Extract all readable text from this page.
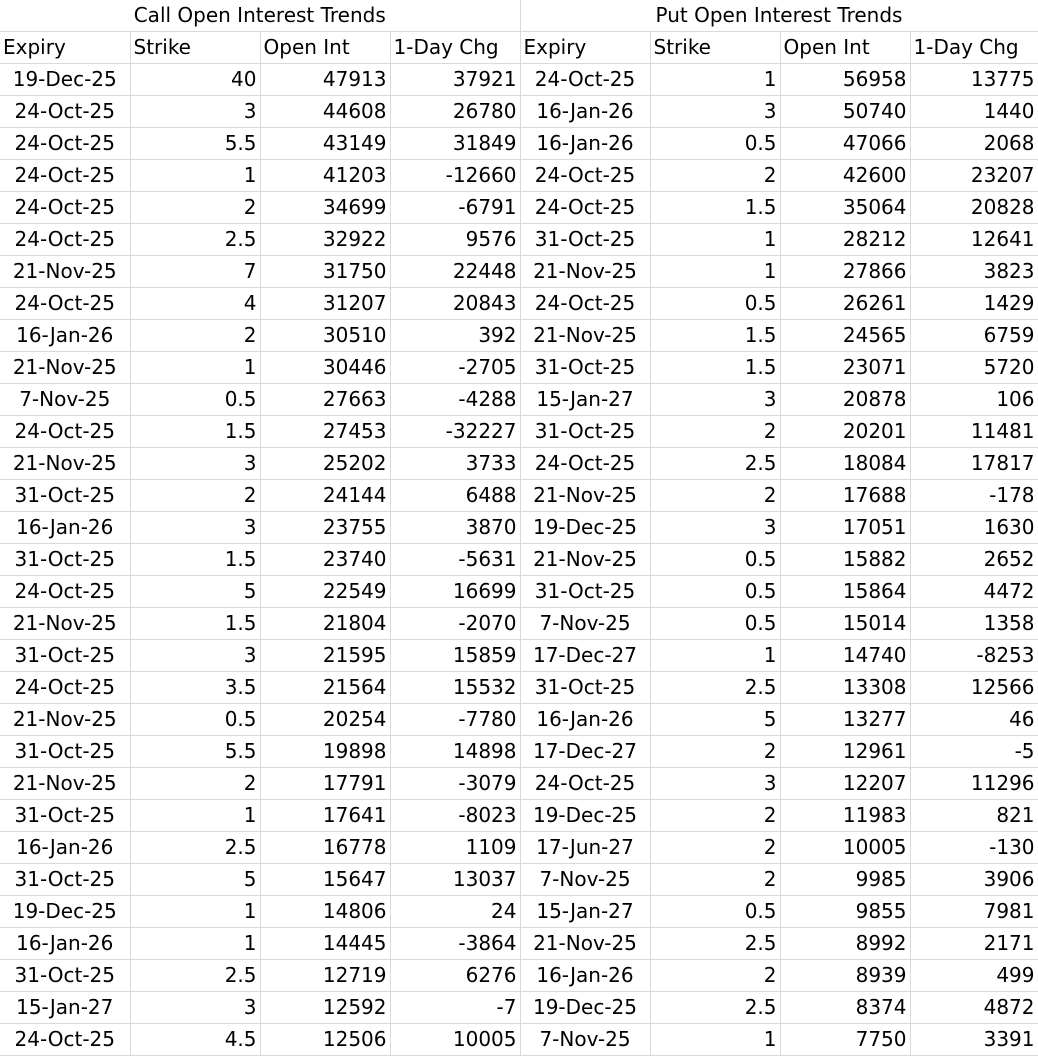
Call Open Interest Trends				Put Open Interest Trends			
Expiry	Strike	Open Int	1-Day Chg	Expiry	Strike	Open Int	1-Day Chg
19-Dec-25	40	47913	37921	24-Oct-25	1	56958	13775
24-Oct-25	3	44608	26780	16-Jan-26	3	50740	1440
24-Oct-25	5.5	43149	31849	16-Jan-26	0.5	47066	2068
24-Oct-25	1	41203	-12660	24-Oct-25	2	42600	23207
24-Oct-25	2	34699	-6791	24-Oct-25	1.5	35064	20828
24-Oct-25	2.5	32922	9576	31-Oct-25	1	28212	12641
21-Nov-25	7	31750	22448	21-Nov-25	1	27866	3823
24-Oct-25	4	31207	20843	24-Oct-25	0.5	26261	1429
16-Jan-26	2	30510	392	21-Nov-25	1.5	24565	6759
21-Nov-25	1	30446	-2705	31-Oct-25	1.5	23071	5720
7-Nov-25	0.5	27663	-4288	15-Jan-27	3	20878	106
24-Oct-25	1.5	27453	-32227	31-Oct-25	2	20201	11481
21-Nov-25	3	25202	3733	24-Oct-25	2.5	18084	17817
31-Oct-25	2	24144	6488	21-Nov-25	2	17688	-178
16-Jan-26	3	23755	3870	19-Dec-25	3	17051	1630
31-Oct-25	1.5	23740	-5631	21-Nov-25	0.5	15882	2652
24-Oct-25	5	22549	16699	31-Oct-25	0.5	15864	4472
21-Nov-25	1.5	21804	-2070	7-Nov-25	0.5	15014	1358
31-Oct-25	3	21595	15859	17-Dec-27	1	14740	-8253
24-Oct-25	3.5	21564	15532	31-Oct-25	2.5	13308	12566
21-Nov-25	0.5	20254	-7780	16-Jan-26	5	13277	46
31-Oct-25	5.5	19898	14898	17-Dec-27	2	12961	-5
21-Nov-25	2	17791	-3079	24-Oct-25	3	12207	11296
31-Oct-25	1	17641	-8023	19-Dec-25	2	11983	821
16-Jan-26	2.5	16778	1109	17-Jun-27	2	10005	-130
31-Oct-25	5	15647	13037	7-Nov-25	2	9985	3906
19-Dec-25	1	14806	24	15-Jan-27	0.5	9855	7981
16-Jan-26	1	14445	-3864	21-Nov-25	2.5	8992	2171
31-Oct-25	2.5	12719	6276	16-Jan-26	2	8939	499
15-Jan-27	3	12592	-7	19-Dec-25	2.5	8374	4872
24-Oct-25	4.5	12506	10005	7-Nov-25	1	7750	3391
